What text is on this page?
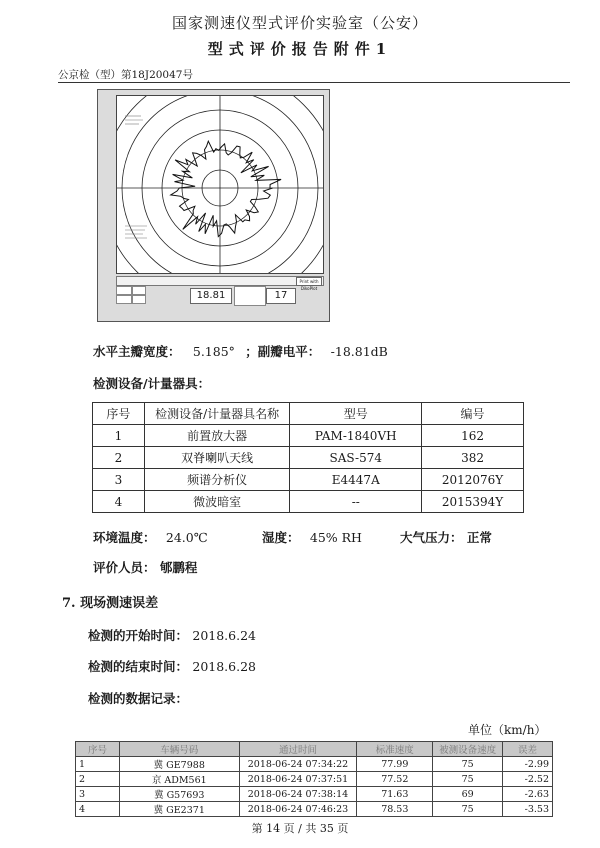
国家测速仪型式评价实验室（公安）
型式评价报告附件1
公京检（型）第18J20047号
18.81	17
Print with DikoPlot
水平主瓣宽度： 5.185° ；副瓣电平： -18.81dB
检测设备/计量器具：
序号	检测设备/计量器具名称	型号	编号
1	前置放大器	PAM-1840VH	162
2	双脊喇叭天线	SAS-574	382
3	频谱分析仪	E4447A	2012076Y
4	微波暗室	--	2015394Y
环境温度： 24.0℃	湿度： 45% RH	大气压力： 正常
评价人员： 郇鹏程
7. 现场测速误差
检测的开始时间： 2018.6.24
检测的结束时间： 2018.6.28
检测的数据记录：
单位（km/h）
序号	车辆号码	通过时间	标准速度	被测设备速度	误差
1	冀 GE7988	2018-06-24 07:34:22	77.99	75	-2.99
2	京 ADM561	2018-06-24 07:37:51	77.52	75	-2.52
3	冀 G57693	2018-06-24 07:38:14	71.63	69	-2.63
4	冀 GE2371	2018-06-24 07:46:23	78.53	75	-3.53
第 14 页 / 共 35 页
